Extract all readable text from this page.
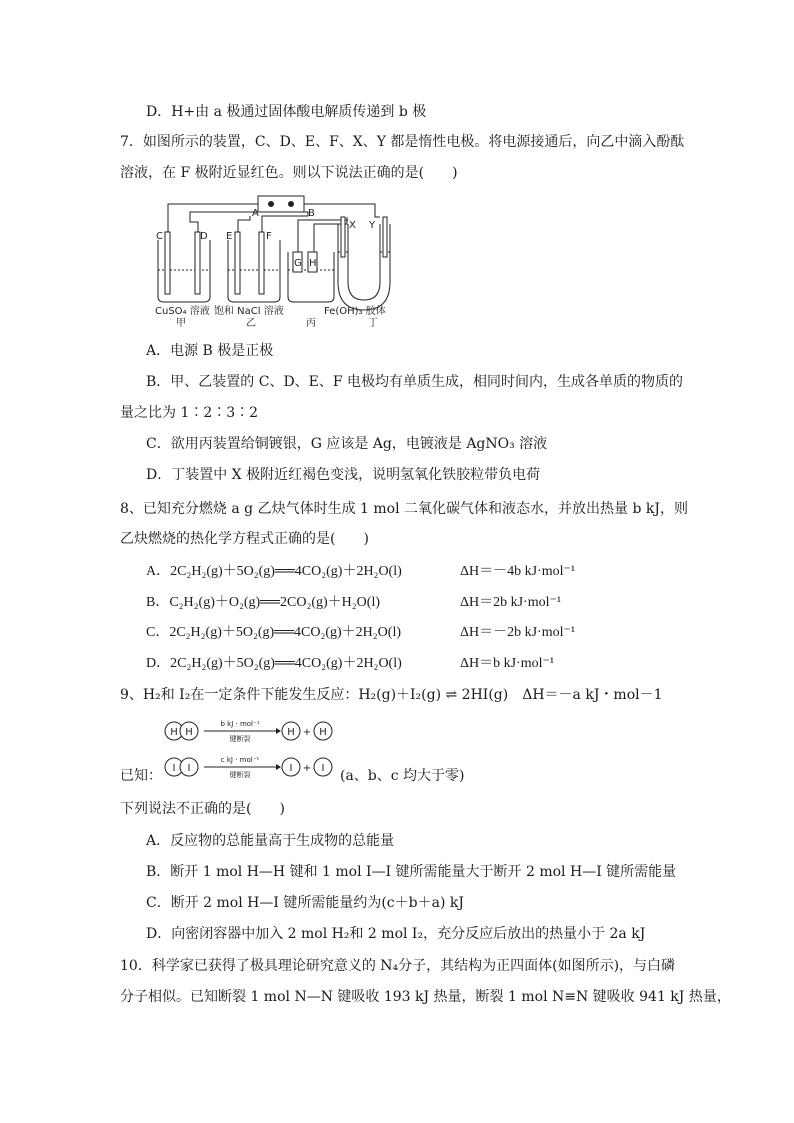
D．H+由 a 极通过固体酸电解质传递到 b 极
7．如图所示的装置，C、D、E、F、X、Y 都是惰性电极。将电源接通后，向乙中滴入酚酞
溶液，在 F 极附近显红色。则以下说法正确的是(　　)
A	B
C	D E	F
G H
X Y
CuSO₄ 溶液 饱和 NaCl 溶液	Fe(OH)₃ 胶体
甲	乙	丙	丁
A．电源 B 极是正极
B．甲、乙装置的 C、D、E、F 电极均有单质生成，相同时间内，生成各单质的物质的
量之比为 1∶2∶3∶2
C．欲用丙装置给铜镀银，G 应该是 Ag，电镀液是 AgNO₃ 溶液
D．丁装置中 X 极附近红褐色变浅，说明氢氧化铁胶粒带负电荷
8、已知充分燃烧 a g 乙炔气体时生成 1 mol 二氧化碳气体和液态水，并放出热量 b kJ，则
乙炔燃烧的热化学方程式正确的是(　　)
A．2C₂H₂(g)＋5O₂(g)══4CO₂(g)＋2H₂O(l)	ΔH＝－4b kJ·mol⁻¹
B．C₂H₂(g)＋O₂(g)══2CO₂(g)＋H₂O(l)	ΔH＝2b kJ·mol⁻¹
C．2C₂H₂(g)＋5O₂(g)══4CO₂(g)＋2H₂O(l)	ΔH＝－2b kJ·mol⁻¹
D．2C₂H₂(g)＋5O₂(g)══4CO₂(g)＋2H₂O(l)	ΔH＝b kJ·mol⁻¹
9、H₂和 I₂在一定条件下能发生反应：H₂(g)＋I₂(g) ⇌ 2HI(g)　ΔH＝－a kJ・mol－1
H H	H H
+
b kJ · mol⁻¹
键断裂
已知： I I	I	I
+
c kJ · mol⁻¹
键断裂	(a、b、c 均大于零)
下列说法不正确的是(　　)
A．反应物的总能量高于生成物的总能量
B．断开 1 mol H—H 键和 1 mol I—I 键所需能量大于断开 2 mol H—I 键所需能量
C．断开 2 mol H—I 键所需能量约为(c＋b＋a) kJ
D．向密闭容器中加入 2 mol H₂和 2 mol I₂，充分反应后放出的热量小于 2a kJ
10．科学家已获得了极具理论研究意义的 N₄分子，其结构为正四面体(如图所示)，与白磷
分子相似。已知断裂 1 mol N—N 键吸收 193 kJ 热量，断裂 1 mol N≡N 键吸收 941 kJ 热量，
